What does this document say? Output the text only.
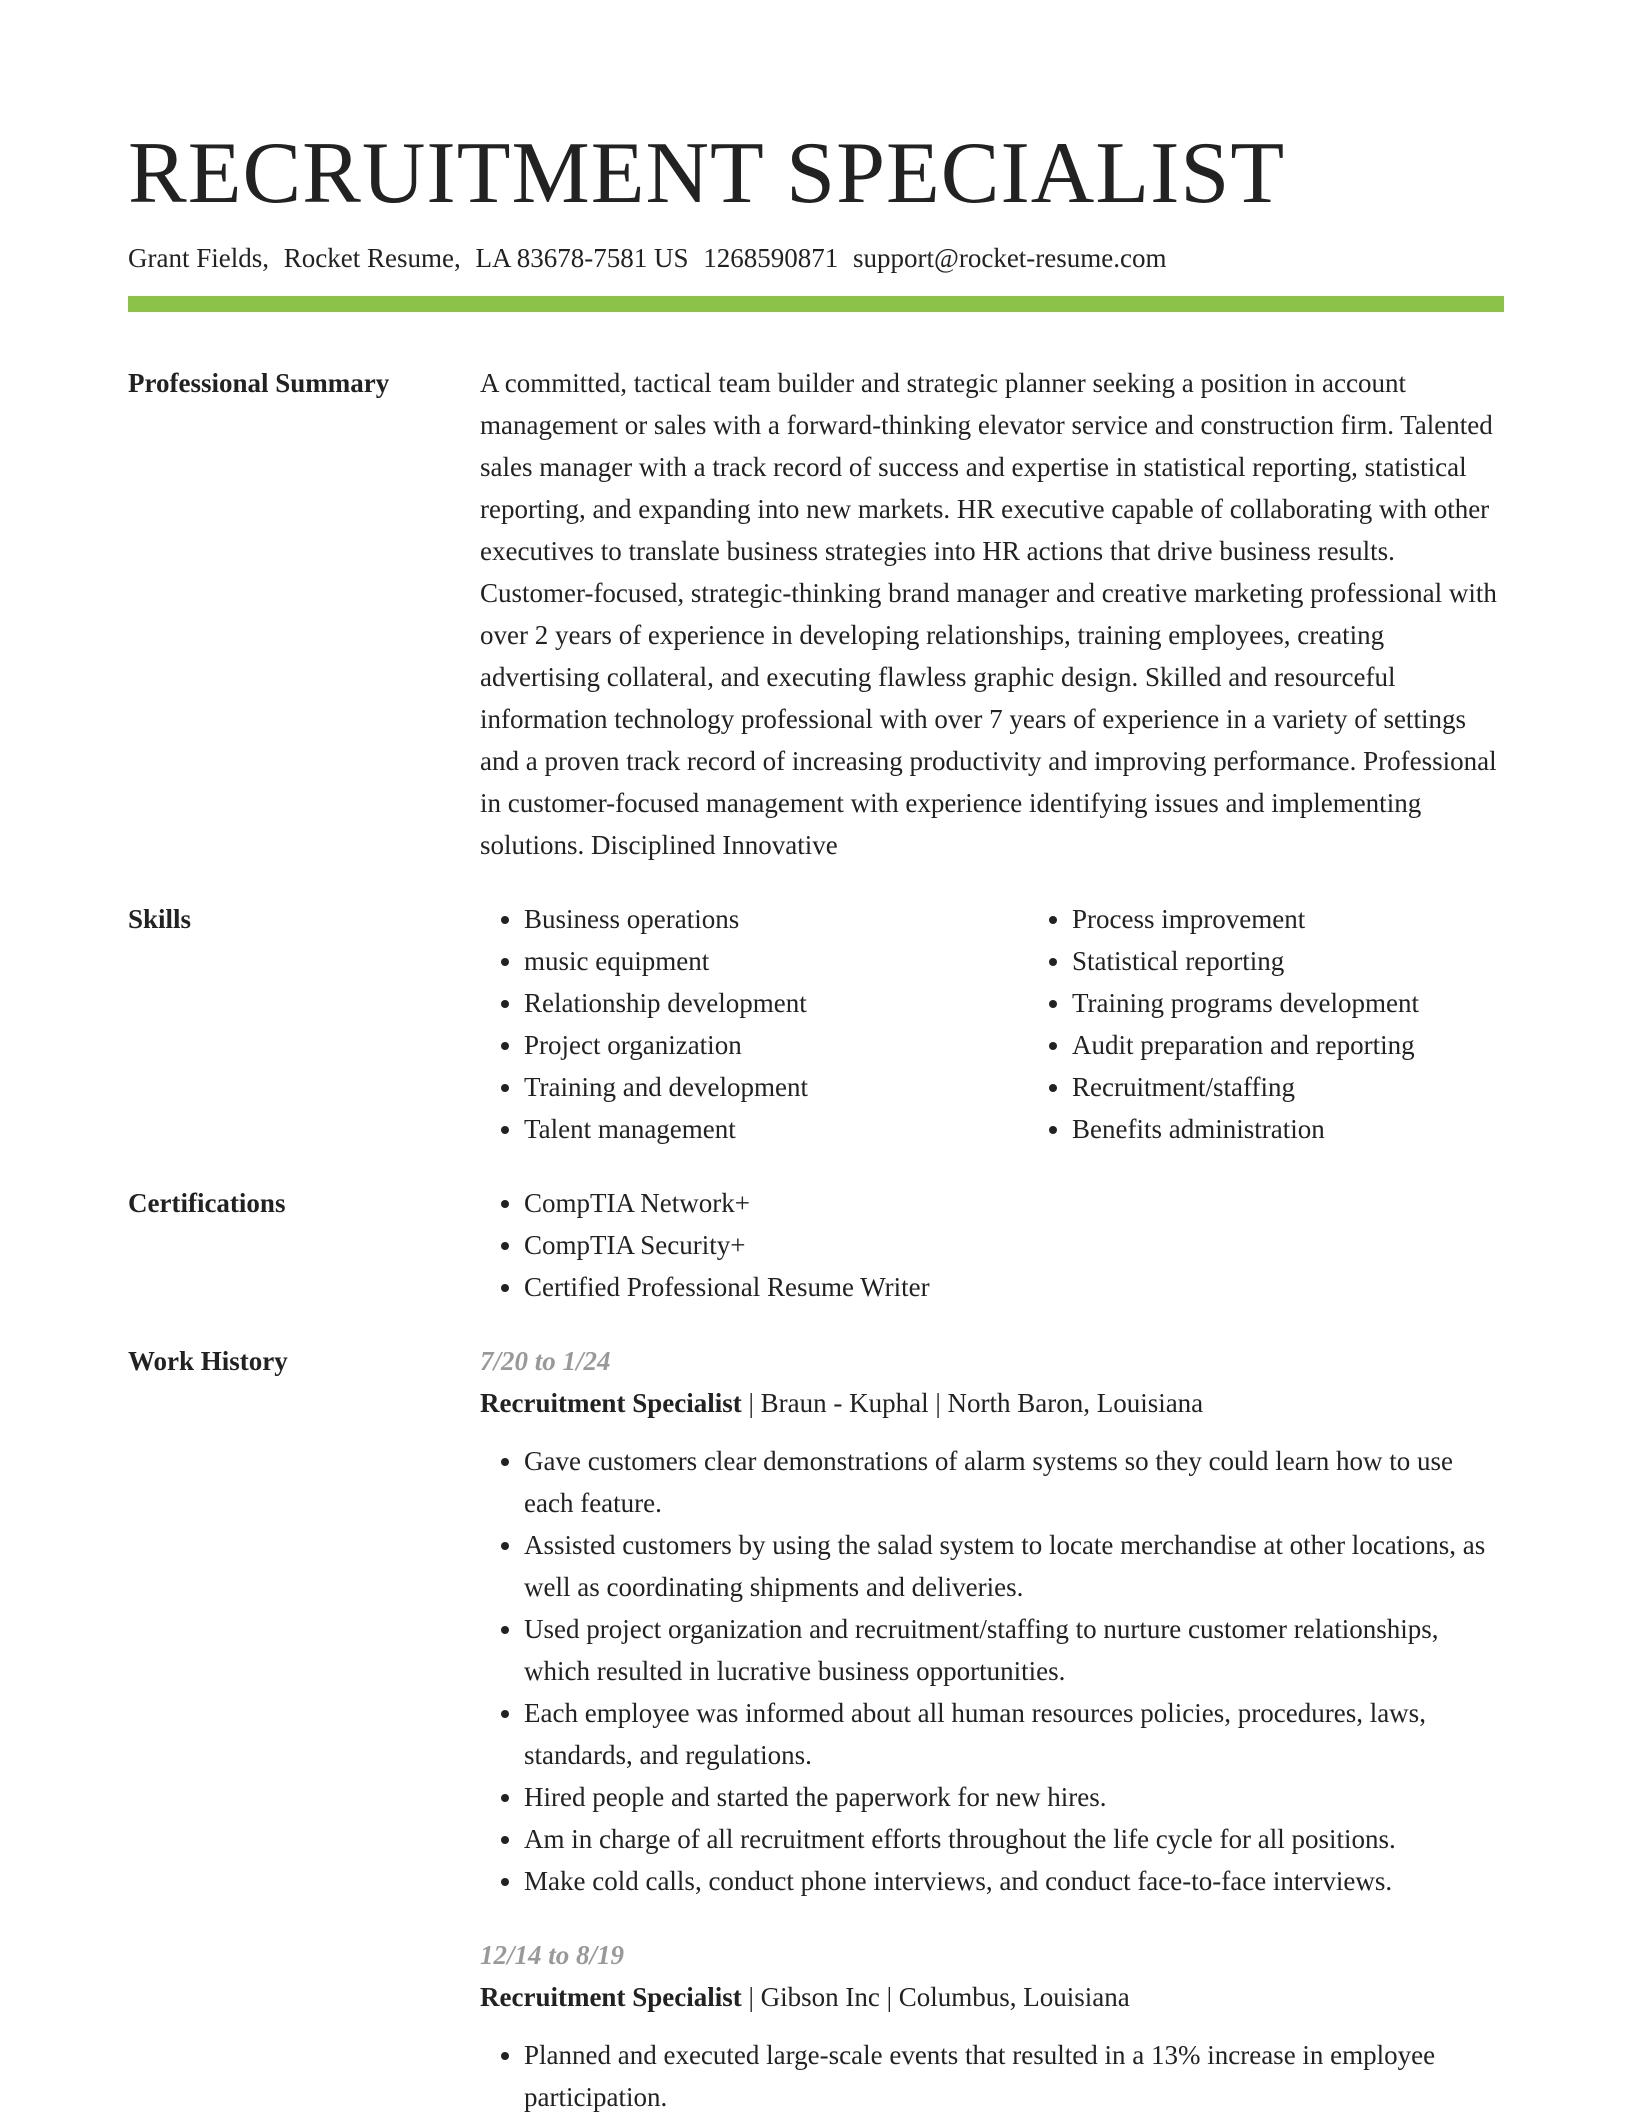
RECRUITMENT SPECIALIST
Grant Fields, Rocket Resume, LA 83678-7581 US 1268590871 support@rocket-resume.com
Professional Summary	A committed, tactical team builder and strategic planner seeking a position in account management or sales with a forward-thinking elevator service and construction firm. Talented sales manager with a track record of success and expertise in statistical reporting, statistical reporting, and expanding into new markets. HR executive capable of collaborating with other executives to translate business strategies into HR actions that drive business results. Customer-focused, strategic-thinking brand manager and creative marketing professional with over 2 years of experience in developing relationships, training employees, creating advertising collateral, and executing flawless graphic design. Skilled and resourceful information technology professional with over 7 years of experience in a variety of settings and a proven track record of increasing productivity and improving performance. Professional in customer-focused management with experience identifying issues and implementing solutions. Disciplined Innovative

Skills	• Business operations
• music equipment
• Relationship development
• Project organization
• Training and development
• Talent management
• Process improvement
• Statistical reporting
• Training programs development
• Audit preparation and reporting
• Recruitment/staffing
• Benefits administration
Certifications	• CompTIA Network+
• CompTIA Security+
• Certified Professional Resume Writer
Work History	7/20 to 1/24
Recruitment Specialist | Braun - Kuphal | North Baron, Louisiana
• Gave customers clear demonstrations of alarm systems so they could learn how to use each feature.
• Assisted customers by using the salad system to locate merchandise at other locations, as well as coordinating shipments and deliveries.
• Used project organization and recruitment/staffing to nurture customer relationships, which resulted in lucrative business opportunities.
• Each employee was informed about all human resources policies, procedures, laws, standards, and regulations.
• Hired people and started the paperwork for new hires.
• Am in charge of all recruitment efforts throughout the life cycle for all positions.
• Make cold calls, conduct phone interviews, and conduct face-to-face interviews.
12/14 to 8/19
Recruitment Specialist | Gibson Inc | Columbus, Louisiana
• Planned and executed large-scale events that resulted in a 13% increase in employee participation.
